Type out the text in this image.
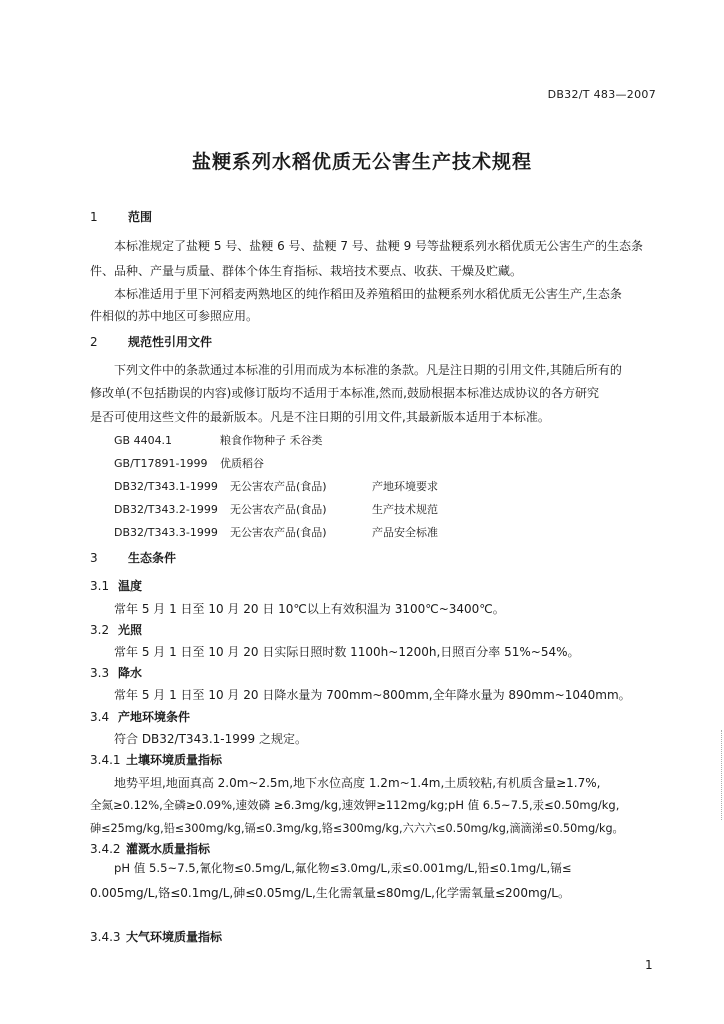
DB32/T 483—2007
盐粳系列水稻优质无公害生产技术规程
1	范围
本标准规定了盐粳 5 号、盐粳 6 号、盐粳 7 号、盐粳 9 号等盐粳系列水稻优质无公害生产的生态条
件、品种、产量与质量、群体个体生育指标、栽培技术要点、收获、干燥及贮藏。
本标准适用于里下河稻麦两熟地区的纯作稻田及养殖稻田的盐粳系列水稻优质无公害生产,生态条
件相似的苏中地区可参照应用。
2	规范性引用文件
下列文件中的条款通过本标准的引用而成为本标准的条款。凡是注日期的引用文件,其随后所有的
修改单(不包括勘误的内容)或修订版均不适用于本标准,然而,鼓励根据本标准达成协议的各方研究
是否可使用这些文件的最新版本。凡是不注日期的引用文件,其最新版本适用于本标准。
GB 4404.1	粮食作物种子 禾谷类
GB/T17891-1999 优质稻谷
DB32/T343.1-1999 无公害农产品(食品)	产地环境要求
DB32/T343.2-1999 无公害农产品(食品)	生产技术规范
DB32/T343.3-1999 无公害农产品(食品)	产品安全标准
3	生态条件
3.1 温度
常年 5 月 1 日至 10 月 20 日 10℃以上有效积温为 3100℃~3400℃。
3.2 光照
常年 5 月 1 日至 10 月 20 日实际日照时数 1100h~1200h,日照百分率 51%~54%。
3.3 降水
常年 5 月 1 日至 10 月 20 日降水量为 700mm~800mm,全年降水量为 890mm~1040mm。
3.4 产地环境条件
符合 DB32/T343.1-1999 之规定。
3.4.1 土壤环境质量指标
地势平坦,地面真高 2.0m~2.5m,地下水位高度 1.2m~1.4m,土质较粘,有机质含量≥1.7%,
全氮≥0.12%,全磷≥0.09%,速效磷 ≥6.3mg/kg,速效钾≥112mg/kg;pH 值 6.5~7.5,汞≤0.50mg/kg,
砷≤25mg/kg,铅≤300mg/kg,镉≤0.3mg/kg,铬≤300mg/kg,六六六≤0.50mg/kg,滴滴涕≤0.50mg/kg。
3.4.2 灌溉水质量指标
pH 值 5.5~7.5,氰化物≤0.5mg/L,氟化物≤3.0mg/L,汞≤0.001mg/L,铅≤0.1mg/L,镉≤
0.005mg/L,铬≤0.1mg/L,砷≤0.05mg/L,生化需氧量≤80mg/L,化学需氧量≤200mg/L。
3.4.3 大气环境质量指标
1
